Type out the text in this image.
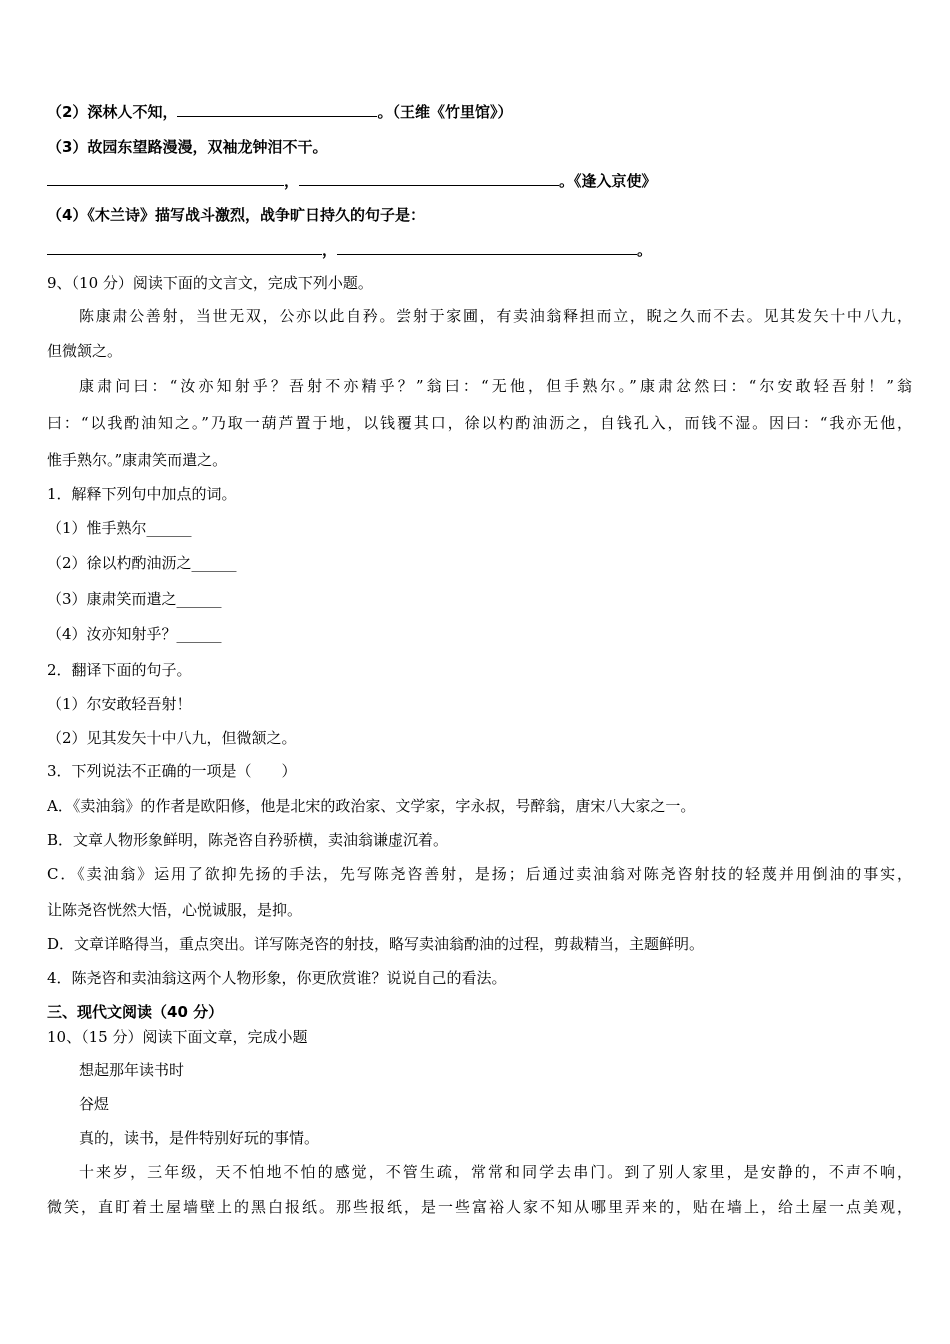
（2）深林人不知，	。（王维《竹里馆》）
（3）故园东望路漫漫，双袖龙钟泪不干。
，	。《逢入京使》
（4）《木兰诗》描写战斗激烈，战争旷日持久的句子是：
，	。
9、（10 分）阅读下面的文言文，完成下列小题。
陈康肃公善射，当世无双，公亦以此自矜。尝射于家圃，有卖油翁释担而立，睨之久而不去。见其发矢十中八九，
但微颔之。
康肃问曰：“汝亦知射乎？吾射不亦精乎？”翁曰：“无他，但手熟尔。”康肃忿然曰：“尔安敢轻吾射！”翁
曰：“以我酌油知之。”乃取一葫芦置于地，以钱覆其口，徐以杓酌油沥之，自钱孔入，而钱不湿。因曰：“我亦无他，
惟手熟尔。”康肃笑而遣之。
1．解释下列句中加点的词。
（1）惟手熟尔______
（2）徐以杓酌油沥之______
（3）康肃笑而遣之______
（4）汝亦知射乎？______
2．翻译下面的句子。
（1）尔安敢轻吾射！
（2）见其发矢十中八九，但微颔之。
3．下列说法不正确的一项是（　　）
A．《卖油翁》的作者是欧阳修，他是北宋的政治家、文学家，字永叔，号醉翁，唐宋八大家之一。
B．文章人物形象鲜明，陈尧咨自矜骄横，卖油翁谦虚沉着。
C．《卖油翁》运用了欲抑先扬的手法，先写陈尧咨善射，是扬；后通过卖油翁对陈尧咨射技的轻蔑并用倒油的事实，
让陈尧咨恍然大悟，心悦诚服，是抑。
D．文章详略得当，重点突出。详写陈尧咨的射技，略写卖油翁酌油的过程，剪裁精当，主题鲜明。
4．陈尧咨和卖油翁这两个人物形象，你更欣赏谁？说说自己的看法。
三、现代文阅读（40 分）
10、（15 分）阅读下面文章，完成小题
想起那年读书时
谷煜
真的，读书，是件特别好玩的事情。
十来岁，三年级，天不怕地不怕的感觉，不管生疏，常常和同学去串门。到了别人家里，是安静的，不声不响，
微笑，直盯着土屋墙壁上的黑白报纸。那些报纸，是一些富裕人家不知从哪里弄来的，贴在墙上，给土屋一点美观，
